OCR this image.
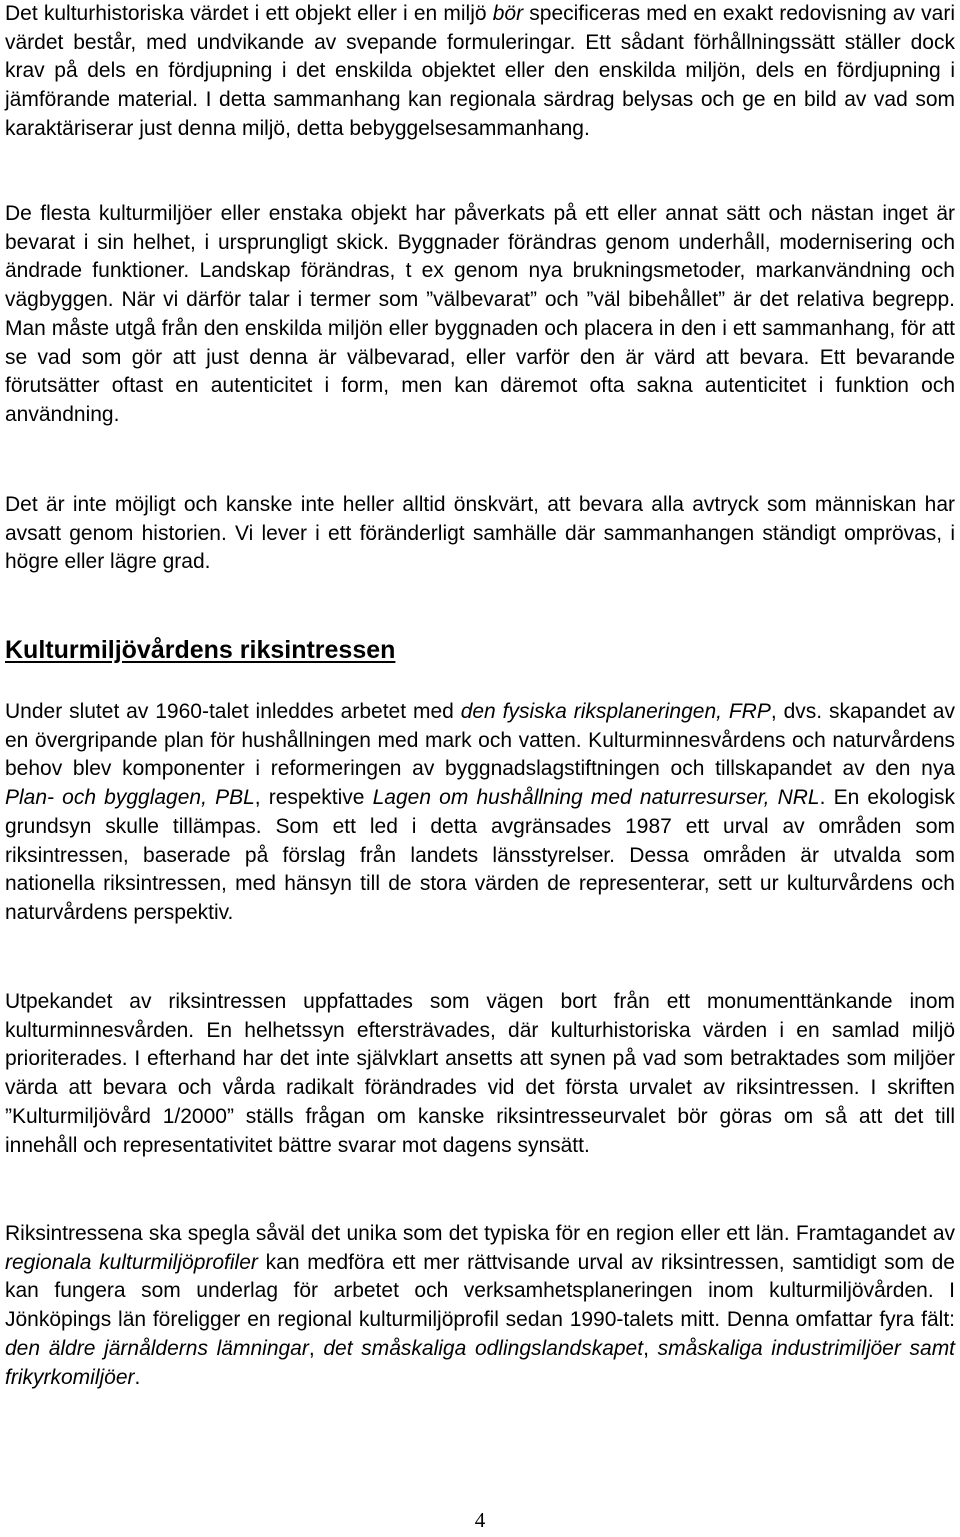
Det kulturhistoriska värdet i ett objekt eller i en miljö bör specificeras med en exakt redovisning av vari värdet består, med undvikande av svepande formuleringar. Ett sådant förhållningssätt ställer dock krav på dels en fördjupning i det enskilda objektet eller den enskilda miljön, dels en fördjupning i jämförande material. I detta sammanhang kan regionala särdrag belysas och ge en bild av vad som karaktäriserar just denna miljö, detta bebyggelsesammanhang.

De flesta kulturmiljöer eller enstaka objekt har påverkats på ett eller annat sätt och nästan inget är bevarat i sin helhet, i ursprungligt skick. Byggnader förändras genom underhåll, modernisering och ändrade funktioner. Landskap förändras, t ex genom nya brukningsmetoder, markanvändning och vägbyggen. När vi därför talar i termer som ”välbevarat” och ”väl bibehållet” är det relativa begrepp. Man måste utgå från den enskilda miljön eller byggnaden och placera in den i ett sammanhang, för att se vad som gör att just denna är välbevarad, eller varför den är värd att bevara. Ett bevarande förutsätter oftast en autenticitet i form, men kan däremot ofta sakna autenticitet i funktion och användning.

Det är inte möjligt och kanske inte heller alltid önskvärt, att bevara alla avtryck som människan har avsatt genom historien. Vi lever i ett föränderligt samhälle där sammanhangen ständigt omprövas, i högre eller lägre grad.

Kulturmiljövårdens riksintressen

Under slutet av 1960-talet inleddes arbetet med den fysiska riksplaneringen, FRP, dvs. skapandet av en övergripande plan för hushållningen med mark och vatten. Kulturminnesvårdens och naturvårdens behov blev komponenter i reformeringen av byggnadslagstiftningen och tillskapandet av den nya Plan- och bygglagen, PBL, respektive Lagen om hushållning med naturresurser, NRL. En ekologisk grundsyn skulle tillämpas. Som ett led i detta avgränsades 1987 ett urval av områden som riksintressen, baserade på förslag från landets länsstyrelser. Dessa områden är utvalda som nationella riksintressen, med hänsyn till de stora värden de representerar, sett ur kulturvårdens och naturvårdens perspektiv.

Utpekandet av riksintressen uppfattades som vägen bort från ett monumenttänkande inom kulturminnesvården. En helhetssyn eftersträvades, där kulturhistoriska värden i en samlad miljö prioriterades. I efterhand har det inte självklart ansetts att synen på vad som betraktades som miljöer värda att bevara och vårda radikalt förändrades vid det första urvalet av riksintressen. I skriften ”Kulturmiljövård 1/2000” ställs frågan om kanske riksintresseurvalet bör göras om så att det till innehåll och representativitet bättre svarar mot dagens synsätt.

Riksintressena ska spegla såväl det unika som det typiska för en region eller ett län. Framtagandet av regionala kulturmiljöprofiler kan medföra ett mer rättvisande urval av riksintressen, samtidigt som de kan fungera som underlag för arbetet och verksamhetsplaneringen inom kulturmiljövården. I Jönköpings län föreligger en regional kulturmiljöprofil sedan 1990-talets mitt. Denna omfattar fyra fält: den äldre järnålderns lämningar, det småskaliga odlingslandskapet, småskaliga industrimiljöer samt frikyrkomiljöer.

4
